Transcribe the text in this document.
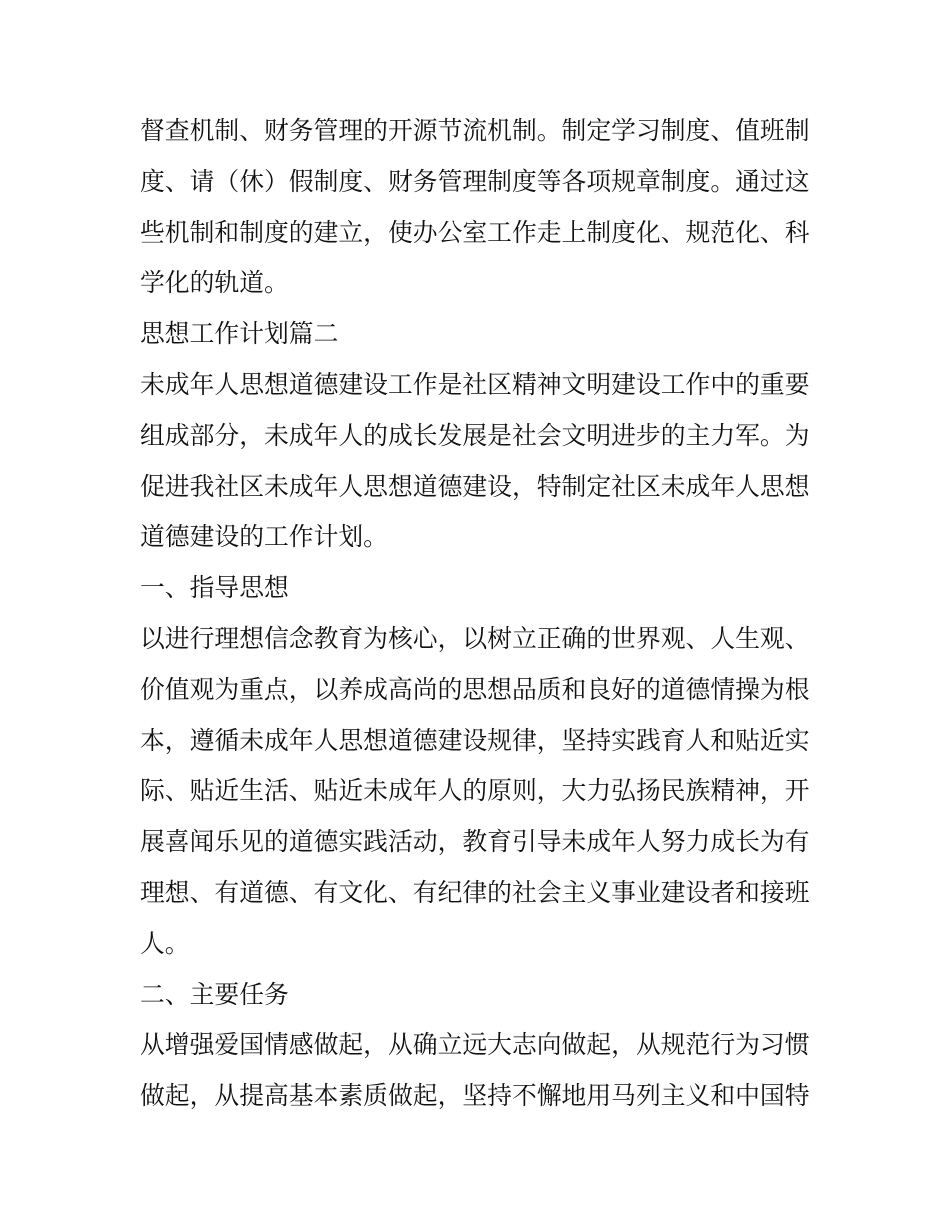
督查机制、财务管理的开源节流机制。制定学习制度、值班制
度、请（休）假制度、财务管理制度等各项规章制度。通过这
些机制和制度的建立，使办公室工作走上制度化、规范化、科
学化的轨道。
思想工作计划篇二
未成年人思想道德建设工作是社区精神文明建设工作中的重要
组成部分，未成年人的成长发展是社会文明进步的主力军。为
促进我社区未成年人思想道德建设，特制定社区未成年人思想
道德建设的工作计划。
一、指导思想
以进行理想信念教育为核心，以树立正确的世界观、人生观、
价值观为重点，以养成高尚的思想品质和良好的道德情操为根
本，遵循未成年人思想道德建设规律，坚持实践育人和贴近实
际、贴近生活、贴近未成年人的原则，大力弘扬民族精神，开
展喜闻乐见的道德实践活动，教育引导未成年人努力成长为有
理想、有道德、有文化、有纪律的社会主义事业建设者和接班
人。
二、主要任务
从增强爱国情感做起，从确立远大志向做起，从规范行为习惯
做起，从提高基本素质做起，坚持不懈地用马列主义和中国特
